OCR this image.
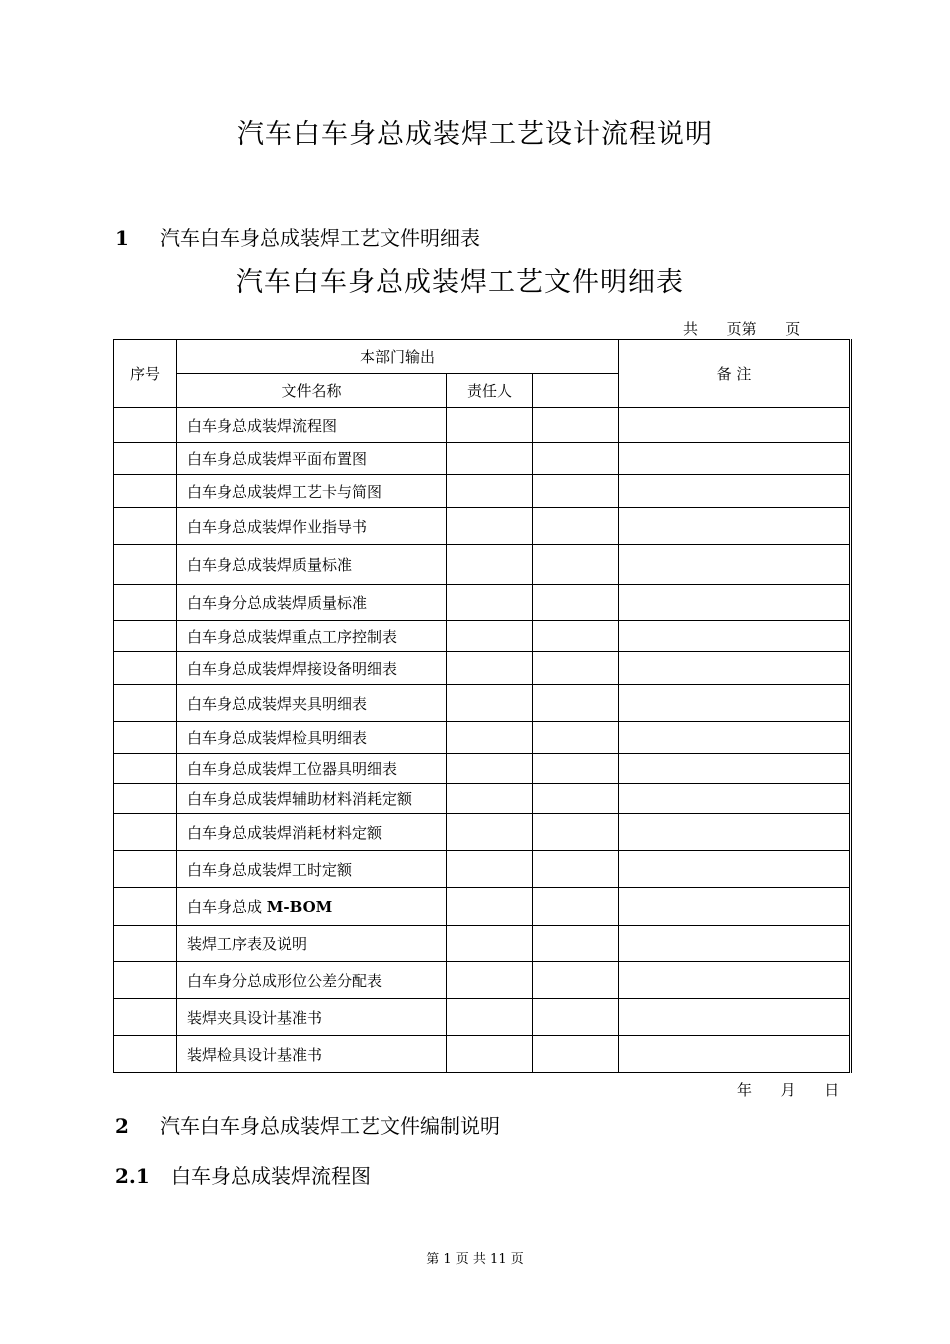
汽车白车身总成装焊工艺设计流程说明
1 汽车白车身总成装焊工艺文件明细表
汽车白车身总成装焊工艺文件明细表
共      页第      页
序号	本部门输出			备 注
	文件名称	责任人		
	白车身总成装焊流程图			
	白车身总成装焊平面布置图			
	白车身总成装焊工艺卡与简图			
	白车身总成装焊作业指导书			
	白车身总成装焊质量标准			
	白车身分总成装焊质量标准			
	白车身总成装焊重点工序控制表			
	白车身总成装焊焊接设备明细表			
	白车身总成装焊夹具明细表			
	白车身总成装焊检具明细表			
	白车身总成装焊工位器具明细表			
	白车身总成装焊辅助材料消耗定额			
	白车身总成装焊消耗材料定额			
	白车身总成装焊工时定额			
	白车身总成 M-BOM			
	装焊工序表及说明			
	白车身分总成形位公差分配表			
	装焊夹具设计基准书			
	装焊检具设计基准书			
年      月      日
2 汽车白车身总成装焊工艺文件编制说明
2.1 白车身总成装焊流程图
第 1 页 共 11 页
